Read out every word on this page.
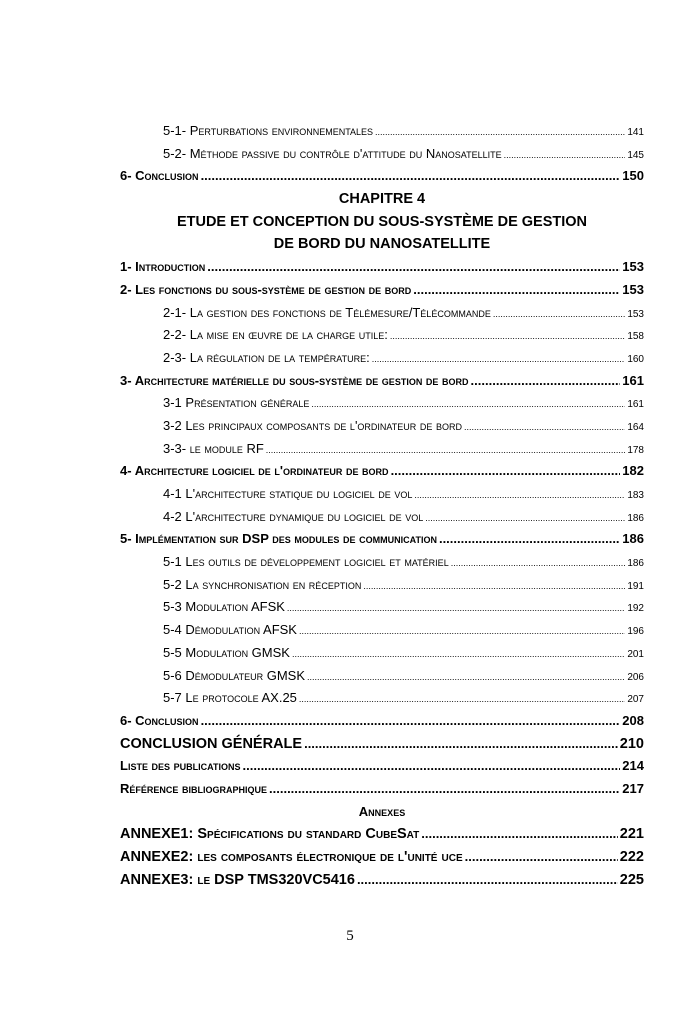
5-1- Perturbations environnementales .....	141
5-2- Méthode passive du contrôle d'attitude du Nanosatellite .....	145
6- Conclusion .....	150
CHAPITRE 4
ETUDE ET CONCEPTION DU SOUS-SYSTÈME DE GESTION
DE BORD DU NANOSATELLITE
1- Introduction .....	153
2- Les fonctions du sous-système de gestion de bord .....	153
2-1- La gestion des fonctions de Télémesure/Télécommande .....	153
2-2- La mise en œuvre de la charge utile: .....	158
2-3- La régulation de la température: .....	160
3- Architecture matérielle du sous-système de gestion de bord .....	161
3-1 Présentation générale .....	161
3-2 Les principaux composants de l'ordinateur de bord .....	164
3-3- le module RF .....	178
4- Architecture logiciel de l'ordinateur de bord .....	182
4-1 L'architecture statique du logiciel de vol .....	183
4-2 L'architecture dynamique du logiciel de vol .....	186
5- Implémentation sur DSP des modules de communication .....	186
5-1 Les outils de développement logiciel et matériel .....	186
5-2 La synchronisation en réception .....	191
5-3 Modulation AFSK .....	192
5-4 Démodulation AFSK .....	196
5-5 Modulation GMSK .....	201
5-6 Démodulateur GMSK .....	206
5-7 Le protocole AX.25 .....	207
6- Conclusion .....	208
CONCLUSION GÉNÉRALE .....	210
Liste des publications .....	214
Référence bibliographique .....	217
Annexes
ANNEXE1: Spécifications du standard CubeSat .....	221
ANNEXE2: les composants électronique de l'unité uce .....	222
ANNEXE3: le DSP TMS320VC5416 .....	225
5
